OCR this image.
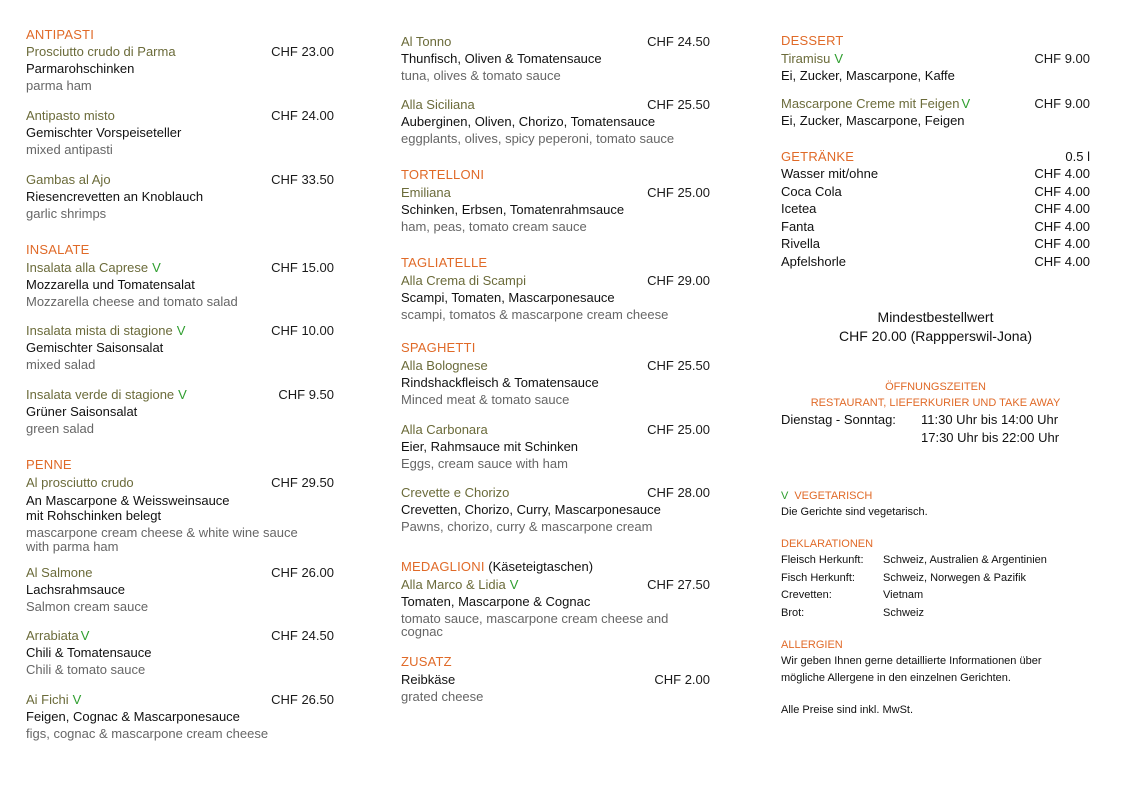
ANTIPASTI
Prosciutto crudo di Parma	CHF 23.00
Parmarohschinken
parma ham
Antipasto misto	CHF 24.00
Gemischter Vorspeiseteller
mixed antipasti
Gambas al Ajo	CHF 33.50
Riesencrevetten an Knoblauch
garlic shrimps
INSALATE
Insalata alla Caprese V	CHF 15.00
Mozzarella und Tomatensalat
Mozzarella cheese and tomato salad
Insalata mista di stagione V	CHF 10.00
Gemischter Saisonsalat
mixed salad
Insalata verde di stagione V	CHF 9.50
Grüner Saisonsalat
green salad
PENNE
Al prosciutto crudo	CHF 29.50
An Mascarpone & Weissweinsauce
mit Rohschinken belegt
mascarpone cream cheese & white wine sauce
with parma ham
Al Salmone	CHF 26.00
Lachsrahmsauce
Salmon cream sauce
Arrabiata V	CHF 24.50
Chili & Tomatensauce
Chili & tomato sauce
Ai Fichi V	CHF 26.50
Feigen, Cognac & Mascarponesauce
figs, cognac & mascarpone cream cheese
Al Tonno	CHF 24.50
Thunfisch, Oliven & Tomatensauce
tuna, olives & tomato sauce
Alla Siciliana	CHF 25.50
Auberginen, Oliven, Chorizo, Tomatensauce
eggplants, olives, spicy peperoni, tomato sauce
TORTELLONI
Emiliana	CHF 25.00
Schinken, Erbsen, Tomatenrahmsauce
ham, peas, tomato cream sauce
TAGLIATELLE
Alla Crema di Scampi	CHF 29.00
Scampi, Tomaten, Mascarponesauce
scampi, tomatos & mascarpone cream cheese
SPAGHETTI
Alla Bolognese	CHF 25.50
Rindshackfleisch & Tomatensauce
Minced meat & tomato sauce
Alla Carbonara	CHF 25.00
Eier, Rahmsauce mit Schinken
Eggs, cream sauce with ham
Crevette e Chorizo	CHF 28.00
Crevetten, Chorizo, Curry, Mascarponesauce
Pawns, chorizo, curry & mascarpone cream
MEDAGLIONI (Käseteigtaschen)
Alla Marco & Lidia V	CHF 27.50
Tomaten, Mascarpone & Cognac
tomato sauce, mascarpone cream cheese and
cognac
ZUSATZ
Reibkäse	CHF 2.00
grated cheese
DESSERT
Tiramisu V	CHF 9.00
Ei, Zucker, Mascarpone, Kaffe
Mascarpone Creme mit Feigen V	CHF 9.00
Ei, Zucker, Mascarpone, Feigen
GETRÄNKE	0.5 l
Wasser mit/ohne	CHF 4.00
Coca Cola	CHF 4.00
Icetea	CHF 4.00
Fanta	CHF 4.00
Rivella	CHF 4.00
Apfelshorle	CHF 4.00
Mindestbestellwert
CHF 20.00 (Rappperswil-Jona)
ÖFFNUNGSZEITEN
RESTAURANT, LIEFERKURIER UND TAKE AWAY
Dienstag - Sonntag:	11:30 Uhr bis 14:00 Uhr
17:30 Uhr bis 22:00 Uhr
V VEGETARISCH
Die Gerichte sind vegetarisch.
DEKLARATIONEN
Fleisch Herkunft:	Schweiz, Australien & Argentinien
Fisch Herkunft:	Schweiz, Norwegen & Pazifik
Crevetten:	Vietnam
Brot:	Schweiz
ALLERGIEN
Wir geben Ihnen gerne detaillierte Informationen über
mögliche Allergene in den einzelnen Gerichten.
Alle Preise sind inkl. MwSt.
